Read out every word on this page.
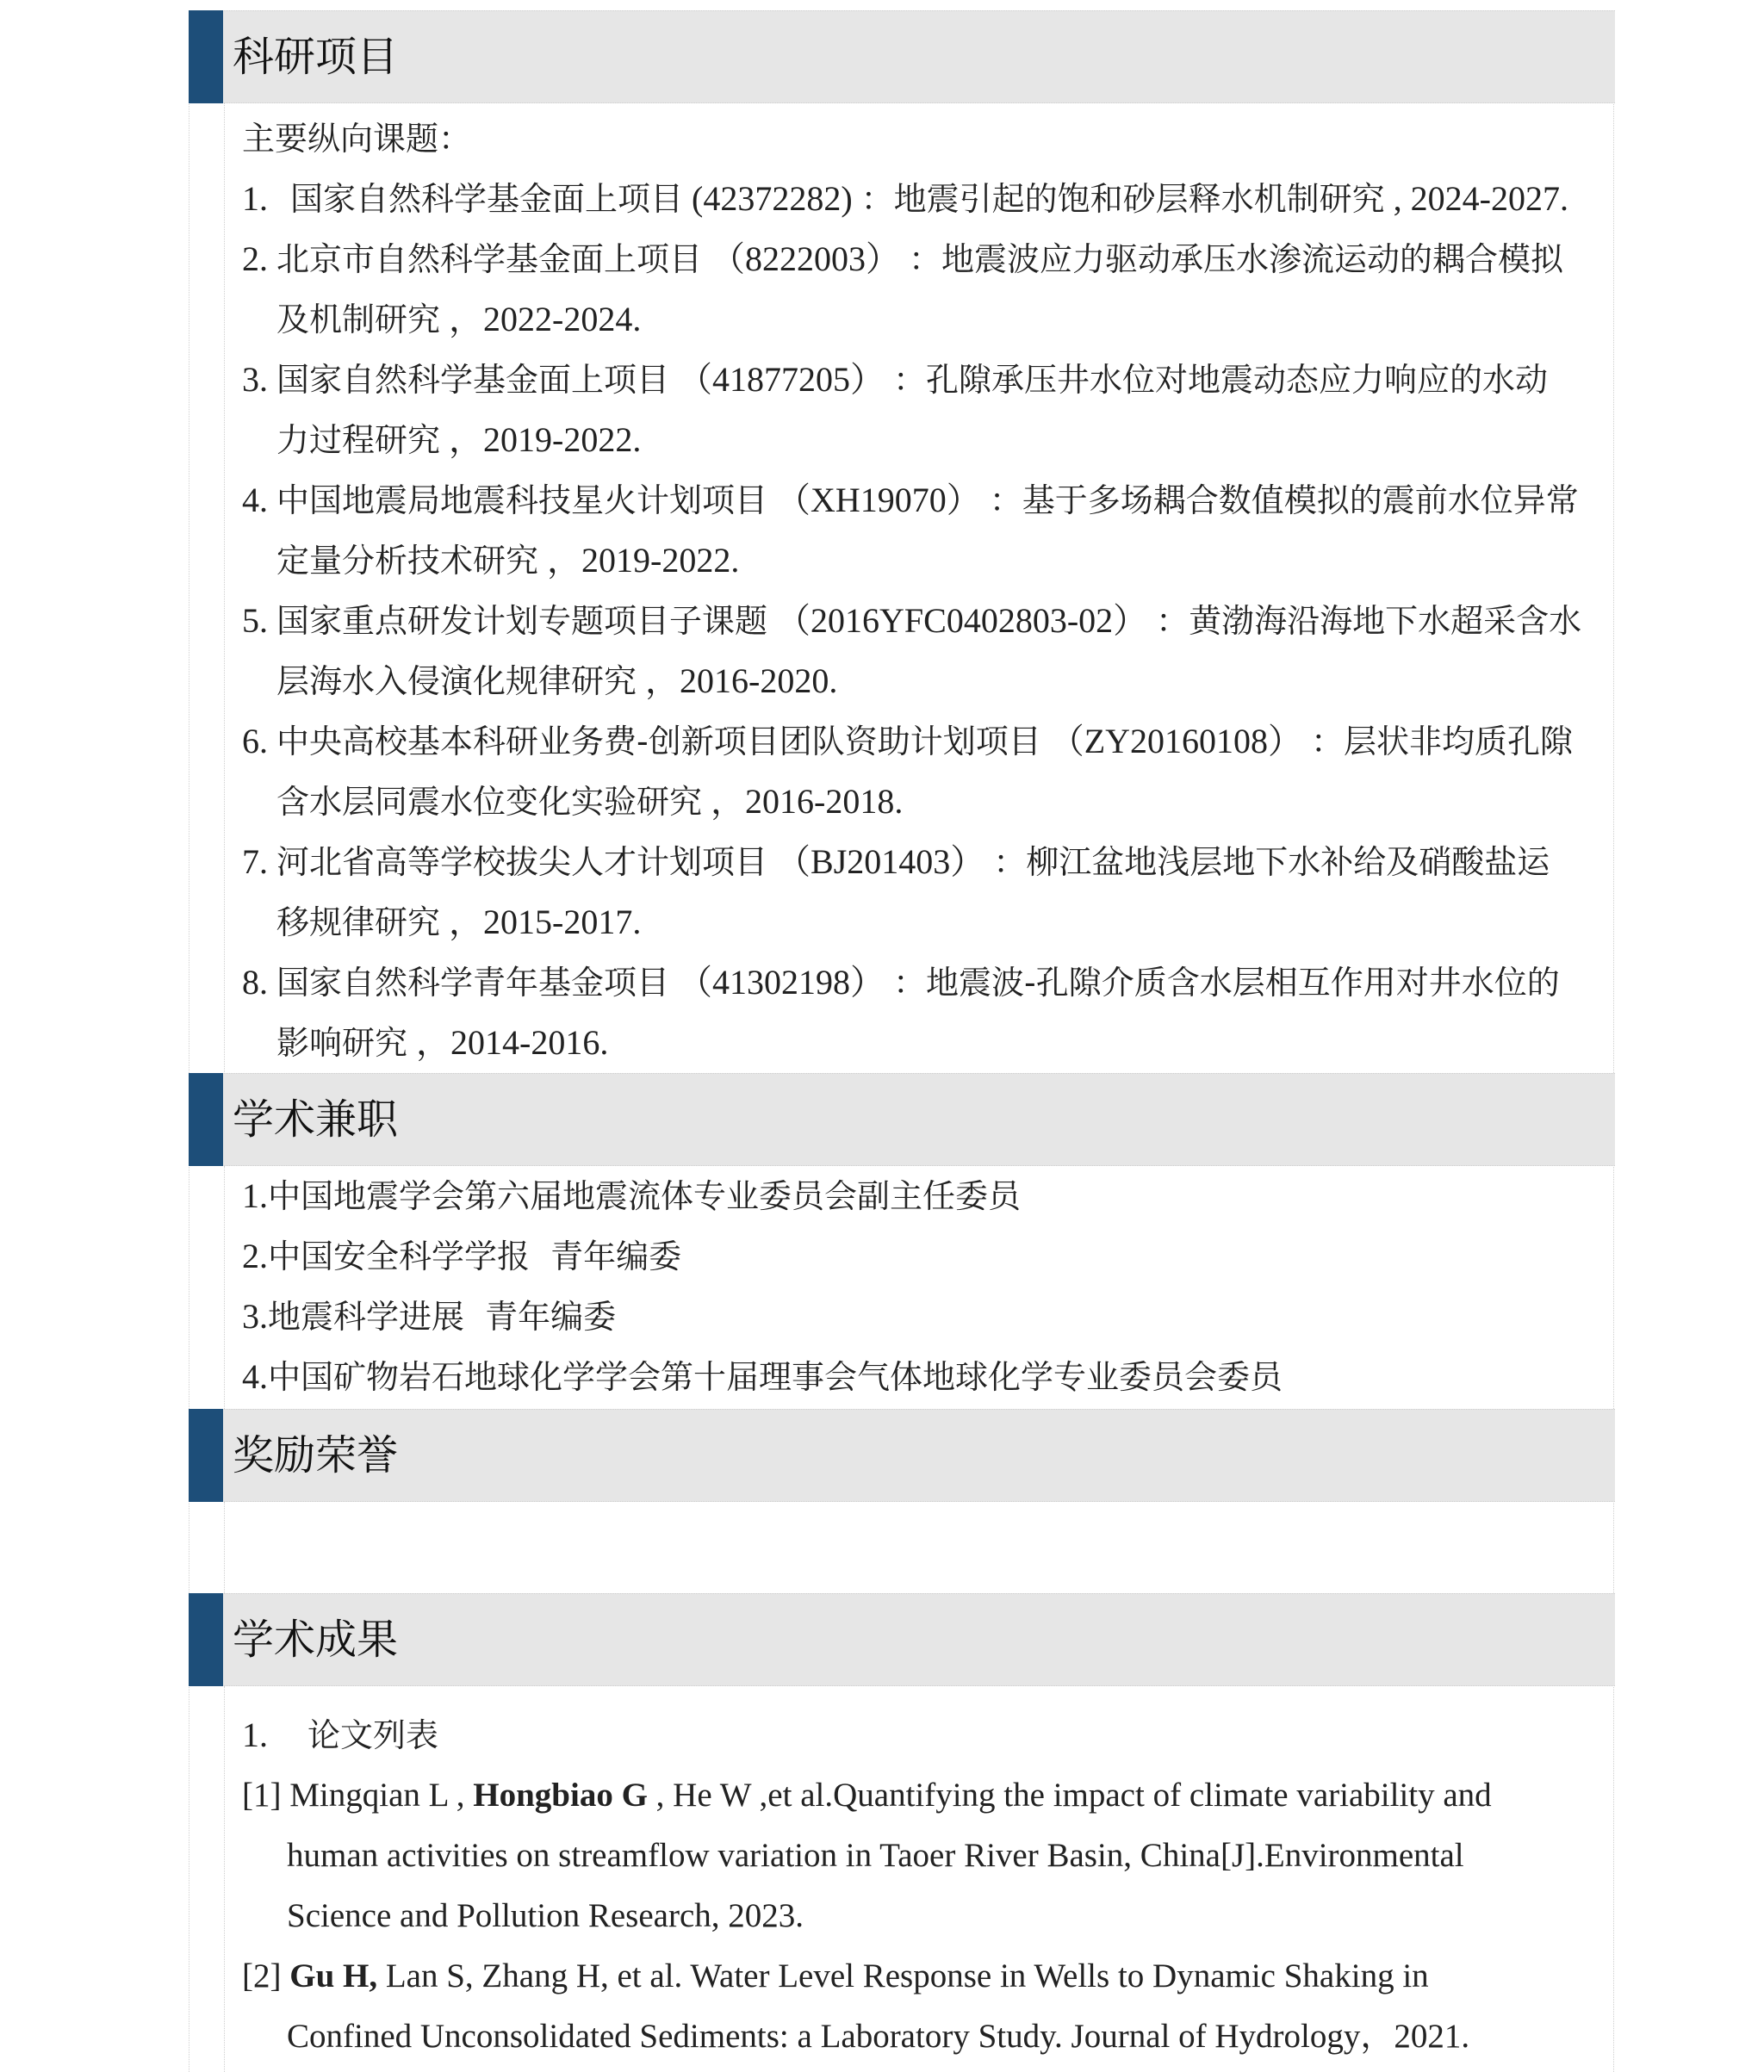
科研项目
主要纵向课题：
1. 国家自然科学基金面上项目 (42372282) ：地震引起的饱和砂层释水机制研究 , 2024-2027.
2. 北京市自然科学基金面上项目 （8222003） ：地震波应力驱动承压水渗流运动的耦合模拟
及机制研究 ，2022-2024.
3. 国家自然科学基金面上项目 （41877205） ：孔隙承压井水位对地震动态应力响应的水动
力过程研究 ，2019-2022.
4. 中国地震局地震科技星火计划项目 （XH19070） ：基于多场耦合数值模拟的震前水位异常
定量分析技术研究 ，2019-2022.
5. 国家重点研发计划专题项目子课题 （2016YFC0402803-02） ：黄渤海沿海地下水超采含水
层海水入侵演化规律研究 ，2016-2020.
6. 中央高校基本科研业务费-创新项目团队资助计划项目 （ZY20160108） ：层状非均质孔隙
含水层同震水位变化实验研究 ，2016-2018.
7. 河北省高等学校拔尖人才计划项目 （BJ201403） ：柳江盆地浅层地下水补给及硝酸盐运
移规律研究 ，2015-2017.
8. 国家自然科学青年基金项目 （41302198） ：地震波-孔隙介质含水层相互作用对井水位的
影响研究 ，2014-2016.
学术兼职
1.中国地震学会第六届地震流体专业委员会副主任委员
2.中国安全科学学报  青年编委
3.地震科学进展  青年编委
4.中国矿物岩石地球化学学会第十届理事会气体地球化学专业委员会委员
奖励荣誉
学术成果
1. 论文列表
[1] Mingqian L , Hongbiao G , He W ,et al.Quantifying the impact of climate variability and
human activities on streamflow variation in Taoer River Basin, China[J].Environmental
Science and Pollution Research, 2023.
[2] Gu H, Lan S, Zhang H, et al. Water Level Response in Wells to Dynamic Shaking in
Confined Unconsolidated Sediments: a Laboratory Study. Journal of Hydrology，2021.
